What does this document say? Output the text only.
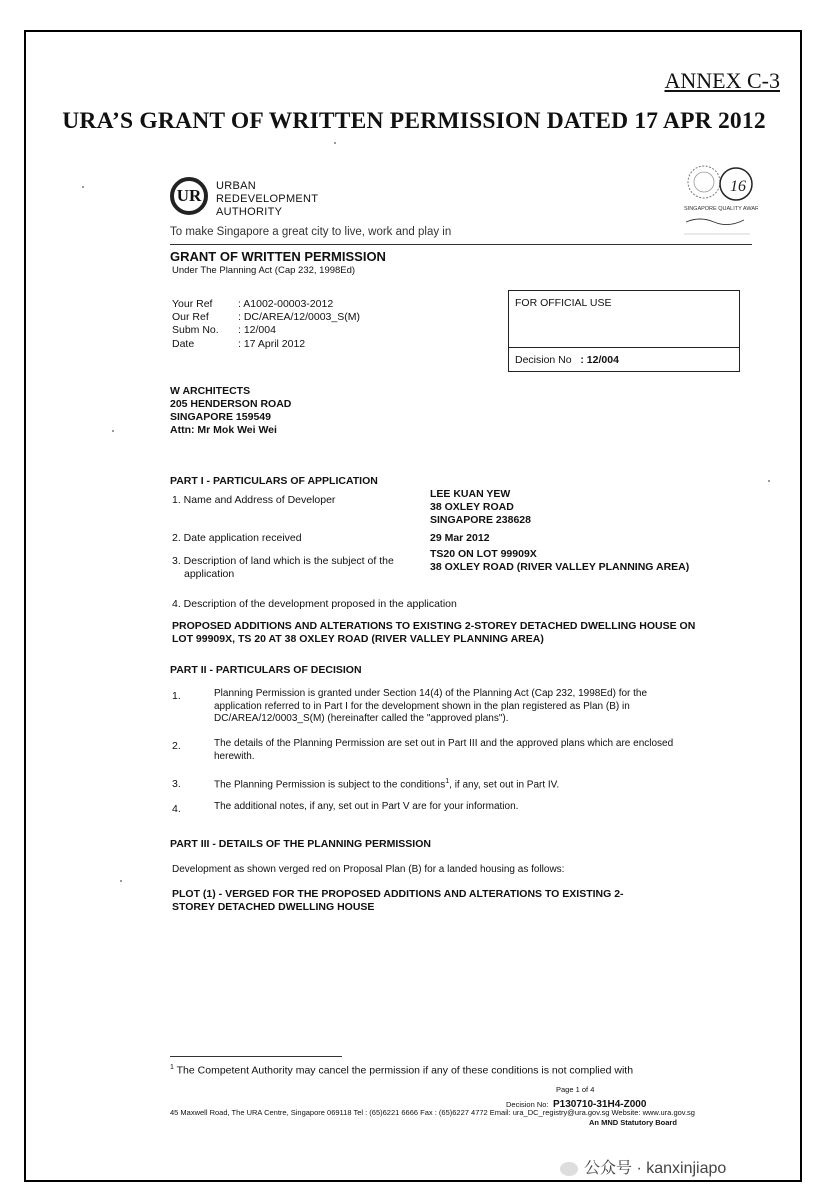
ANNEX C-3
URA’S GRANT OF WRITTEN PERMISSION DATED 17 APR 2012
UR URBAN
REDEVELOPMENT
AUTHORITY
To make Singapore a great city to live, work and play in
16
SINGAPORE QUALITY AWARD
GRANT OF WRITTEN PERMISSION
Under The Planning Act (Cap 232, 1998Ed)
Your Ref	: A1002-00003-2012
Our Ref	: DC/AREA/12/0003_S(M)
Subm No.	: 12/004
Date	: 17 April 2012
FOR OFFICIAL USE
Decision No : 12/004
W ARCHITECTS
205 HENDERSON ROAD
SINGAPORE 159549
Attn: Mr Mok Wei Wei
PART I - PARTICULARS OF APPLICATION
1. Name and Address of Developer	LEE KUAN YEW
38 OXLEY ROAD
SINGAPORE 238628
2. Date application received	29 Mar 2012
3. Description of land which is the subject of the
application
TS20 ON LOT 99909X
38 OXLEY ROAD (RIVER VALLEY PLANNING AREA)
4. Description of the development proposed in the application
PROPOSED ADDITIONS AND ALTERATIONS TO EXISTING 2-STOREY DETACHED DWELLING HOUSE ON
LOT 99909X, TS 20 AT 38 OXLEY ROAD (RIVER VALLEY PLANNING AREA)
PART II - PARTICULARS OF DECISION
1.	Planning Permission is granted under Section 14(4) of the Planning Act (Cap 232, 1998Ed) for the application referred to in Part I for the development shown in the plan registered as Plan (B) in DC/AREA/12/0003_S(M) (hereinafter called the "approved plans").
2.	The details of the Planning Permission are set out in Part III and the approved plans which are enclosed herewith.
3.	The Planning Permission is subject to the conditions$^1$, if any, set out in Part IV.
4.	The additional notes, if any, set out in Part V are for your information.
PART III - DETAILS OF THE PLANNING PERMISSION
Development as shown verged red on Proposal Plan (B) for a landed housing as follows:
PLOT (1) - VERGED FOR THE PROPOSED ADDITIONS AND ALTERATIONS TO EXISTING 2-
STOREY DETACHED DWELLING HOUSE
$^1$ The Competent Authority may cancel the permission if any of these conditions is not complied with
Page 1 of 4
Decision No: P130710-31H4-Z000
45 Maxwell Road, The URA Centre, Singapore 069118 Tel : (65)6221 6666 Fax : (65)6227 4772 Email: ura_DC_registry@ura.gov.sg Website: www.ura.gov.sg
An MND Statutory Board
公众号 · kanxinjiapo
